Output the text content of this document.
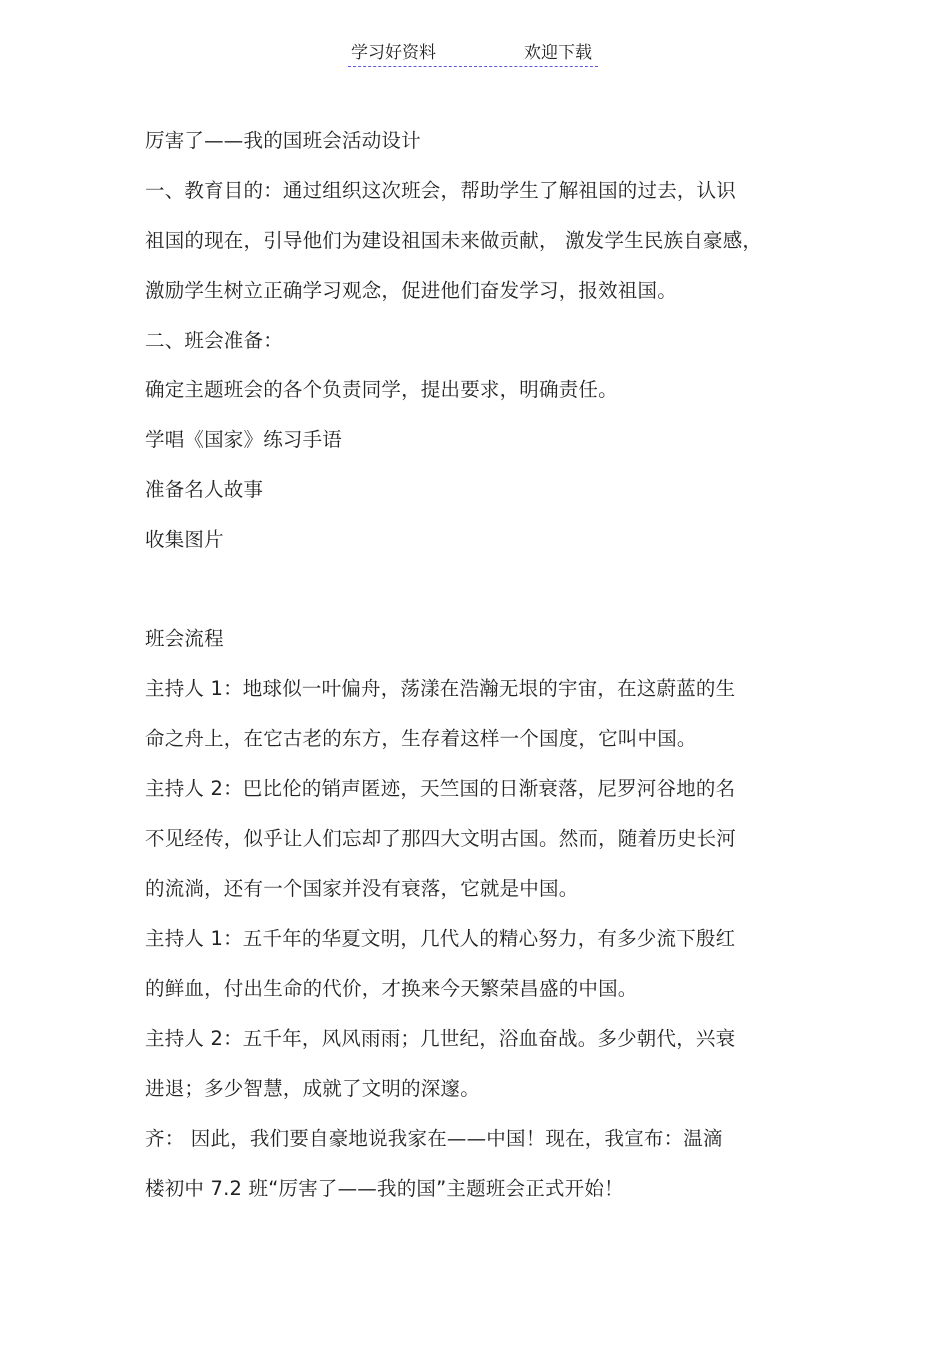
学习好资料	欢迎下载
厉害了——我的国班会活动设计
一、教育目的：通过组织这次班会，帮助学生了解祖国的过去，认识
祖国的现在，引导他们为建设祖国未来做贡献， 激发学生民族自豪感，
激励学生树立正确学习观念，促进他们奋发学习，报效祖国。
二、班会准备：
确定主题班会的各个负责同学，提出要求，明确责任。
学唱《国家》练习手语
准备名人故事
收集图片
班会流程
主持人 1：地球似一叶偏舟，荡漾在浩瀚无垠的宇宙，在这蔚蓝的生
命之舟上，在它古老的东方，生存着这样一个国度，它叫中国。
主持人 2：巴比伦的销声匿迹，天竺国的日渐衰落，尼罗河谷地的名
不见经传，似乎让人们忘却了那四大文明古国。然而，随着历史长河
的流淌，还有一个国家并没有衰落，它就是中国。
主持人 1：五千年的华夏文明，几代人的精心努力，有多少流下殷红
的鲜血，付出生命的代价，才换来今天繁荣昌盛的中国。
主持人 2：五千年，风风雨雨；几世纪，浴血奋战。多少朝代，兴衰
进退；多少智慧，成就了文明的深邃。
齐： 因此，我们要自豪地说我家在——中国！现在，我宣布：温滴
楼初中 7.2 班“厉害了——我的国”主题班会正式开始！
